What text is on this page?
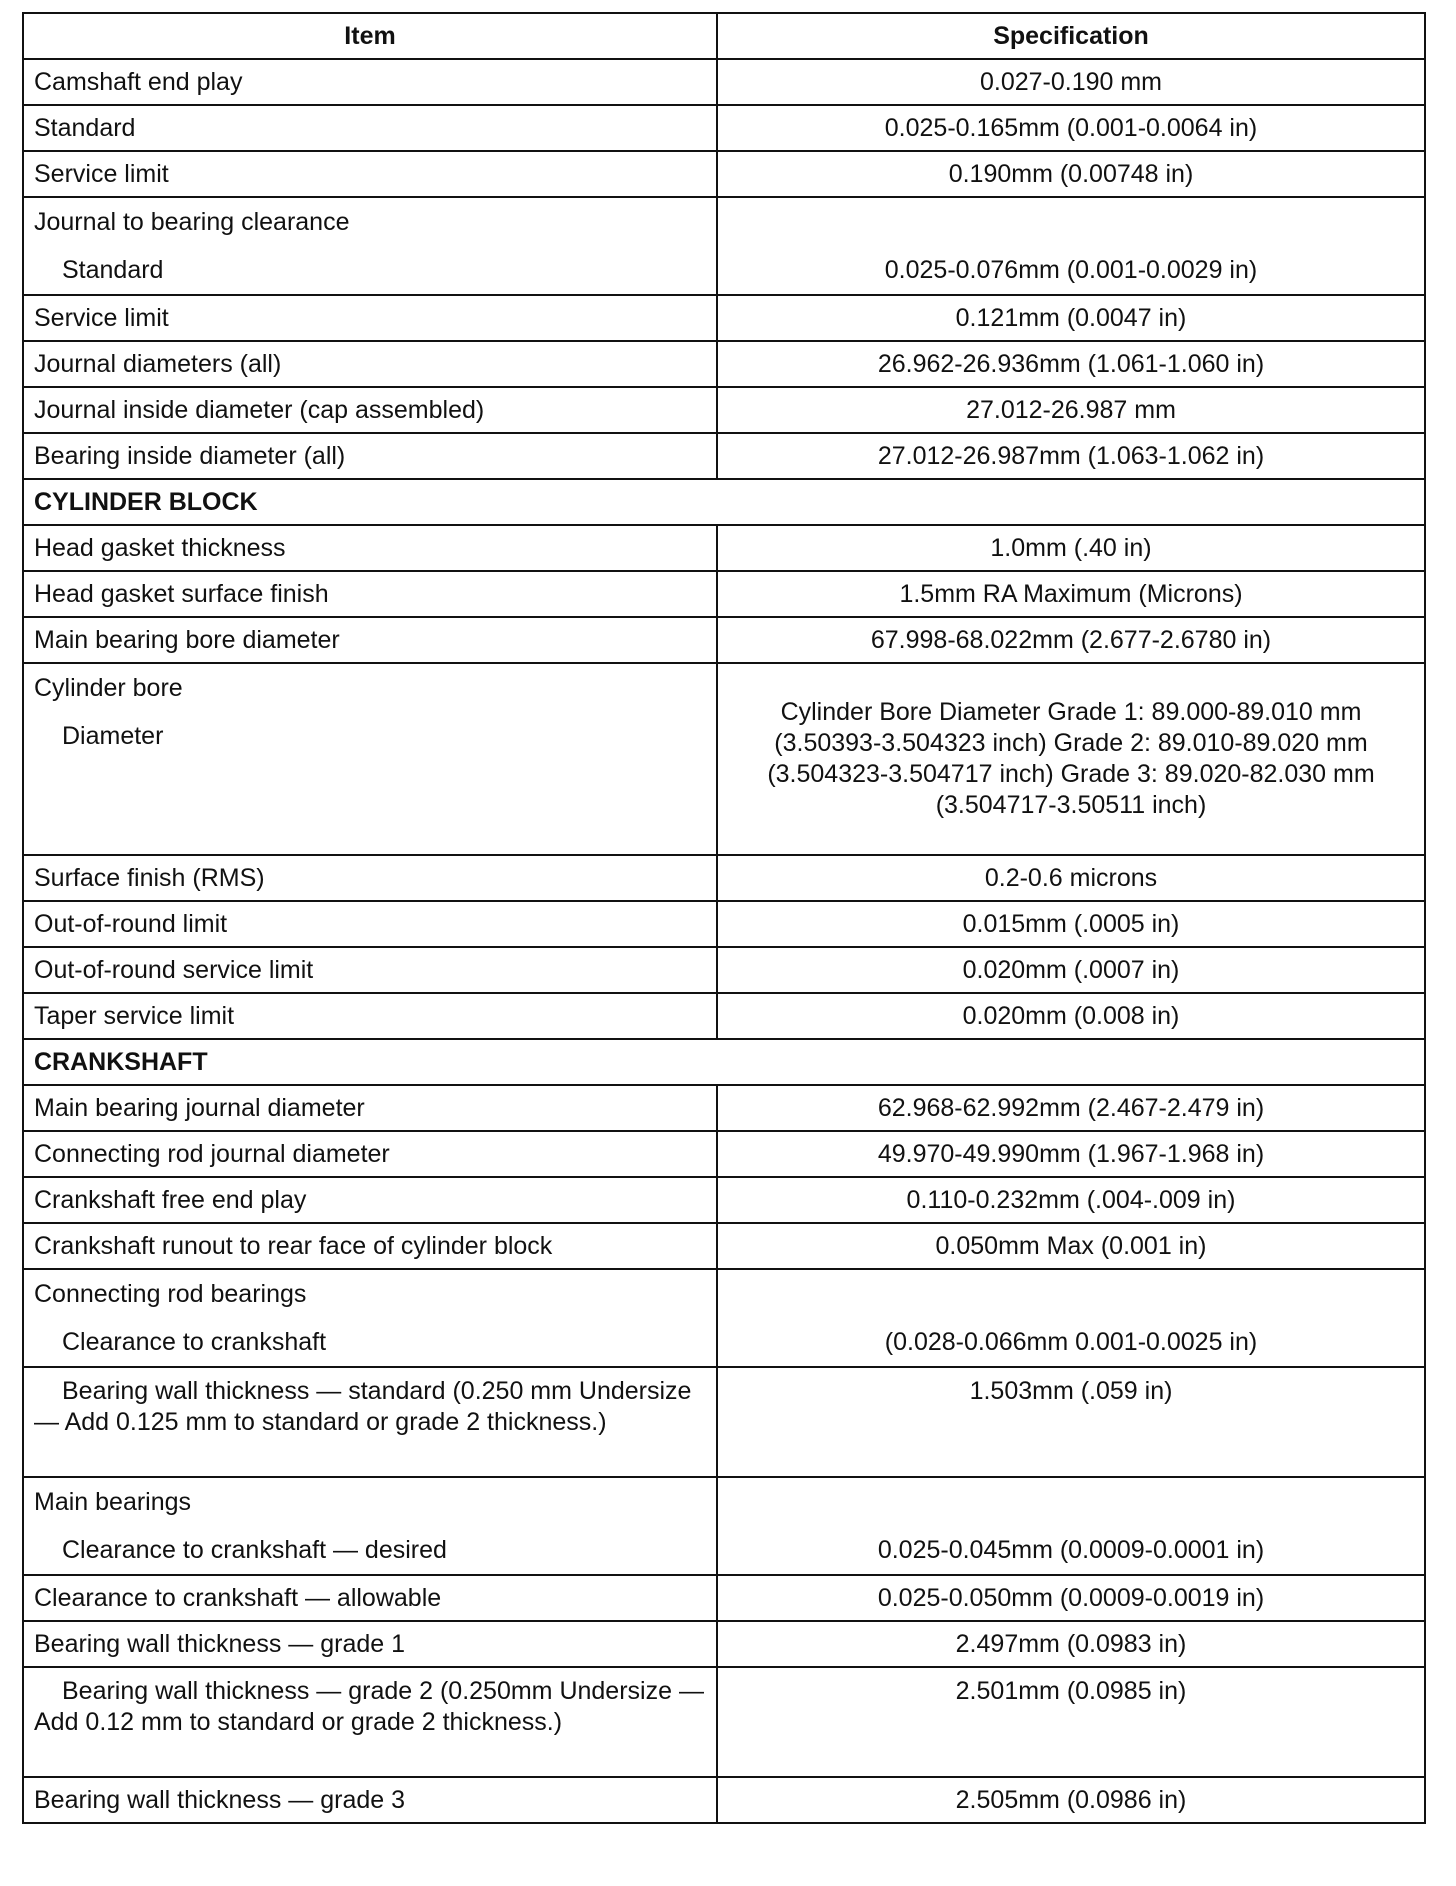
Item	Specification
Camshaft end play	0.027-0.190 mm
Standard	0.025-0.165mm (0.001-0.0064 in)
Service limit	0.190mm (0.00748 in)

Journal to bearing clearance
Standard	0.025-0.076mm (0.001-0.0029 in)

Service limit	0.121mm (0.0047 in)
Journal diameters (all)	26.962-26.936mm (1.061-1.060 in)
Journal inside diameter (cap assembled)	27.012-26.987 mm
Bearing inside diameter (all)	27.012-26.987mm (1.063-1.062 in)
CYLINDER BLOCK	
Head gasket thickness	1.0mm (.40 in)
Head gasket surface finish	1.5mm RA Maximum (Microns)
Main bearing bore diameter	67.998-68.022mm (2.677-2.6780 in)

Cylinder bore
Diameter	Cylinder Bore Diameter Grade 1: 89.000-89.010 mm (3.50393-3.504323 inch) Grade 2: 89.010-89.020 mm (3.504323-3.504717 inch) Grade 3: 89.020-82.030 mm (3.504717-3.50511 inch)
Surface finish (RMS)	0.2-0.6 microns
Out-of-round limit	0.015mm (.0005 in)
Out-of-round service limit	0.020mm (.0007 in)
Taper service limit	0.020mm (0.008 in)
CRANKSHAFT	
Main bearing journal diameter	62.968-62.992mm (2.467-2.479 in)
Connecting rod journal diameter	49.970-49.990mm (1.967-1.968 in)
Crankshaft free end play	0.110-0.232mm (.004-.009 in)
Crankshaft runout to rear face of cylinder block	0.050mm Max (0.001 in)

Connecting rod bearings
Clearance to crankshaft	(0.028-0.066mm 0.001-0.0025 in)

Bearing wall thickness — standard (0.250 mm Undersize — Add 0.125 mm to standard or grade 2 thickness.)	1.503mm (.059 in)

Main bearings
Clearance to crankshaft — desired	0.025-0.045mm (0.0009-0.0001 in)

Clearance to crankshaft — allowable	0.025-0.050mm (0.0009-0.0019 in)
Bearing wall thickness — grade 1	2.497mm (0.0983 in)

Bearing wall thickness — grade 2 (0.250mm Undersize — Add 0.12 mm to standard or grade 2 thickness.)	2.501mm (0.0985 in)
Bearing wall thickness — grade 3	2.505mm (0.0986 in)
